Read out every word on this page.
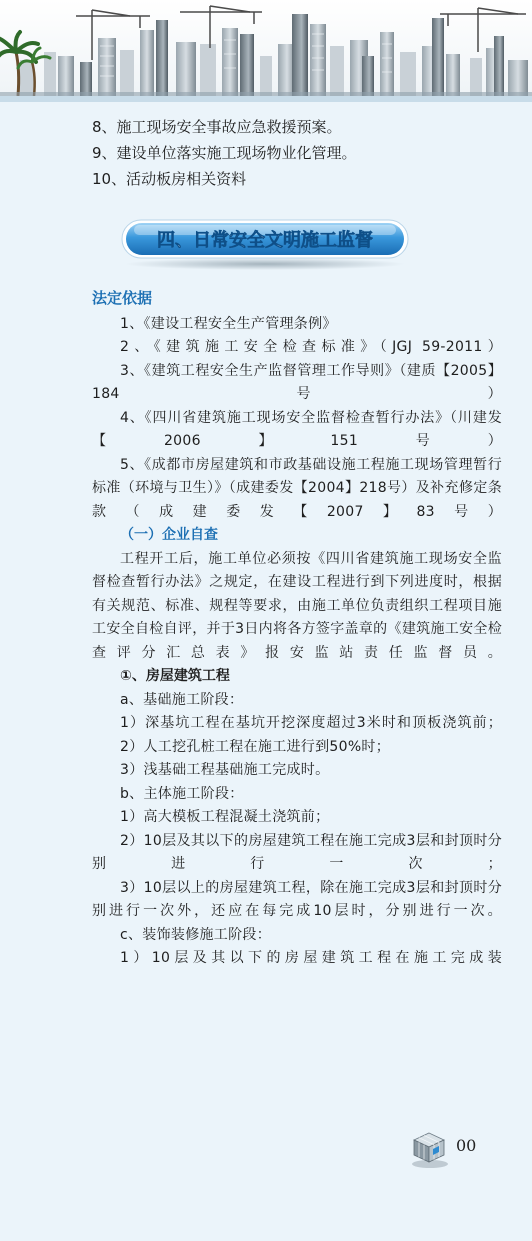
8、施工现场安全事故应急救援预案。
9、建设单位落实施工现场物业化管理。
10、活动板房相关资料
四、日常安全文明施工监督
法定依据

1、《建设工程安全生产管理条例》

2、《建筑施工安全检查标准》（JGJ 59-2011）

3、《建筑工程安全生产监督管理工作导则》（建质【2005】184号）

4、《四川省建筑施工现场安全监督检查暂行办法》（川建发【2006】151号）

5、《成都市房屋建筑和市政基础设施工程施工现场管理暂行标准（环境与卫生）》（成建委发【2004】218号）及补充修定条款（成建委发【2007】83号）

（一）企业自查

工程开工后，施工单位必须按《四川省建筑施工现场安全监督检查暂行办法》之规定，在建设工程进行到下列进度时，根据有关规范、标准、规程等要求，由施工单位负责组织工程项目施工安全自检自评，并于3日内将各方签字盖章的《建筑施工安全检查评分汇总表》报安监站责任监督员。

①、房屋建筑工程

a、基础施工阶段：

1）深基坑工程在基坑开挖深度超过3米时和顶板浇筑前；

2）人工挖孔桩工程在施工进行到50%时；

3）浅基础工程基础施工完成时。

b、主体施工阶段：

1）高大模板工程混凝土浇筑前；

2）10层及其以下的房屋建筑工程在施工完成3层和封顶时分别进行一次；

3）10层以上的房屋建筑工程，除在施工完成3层和封顶时分别进行一次外，还应在每完成10层时，分别进行一次。

c、装饰装修施工阶段：

1）10层及其以下的房屋建筑工程在施工完成装

00
